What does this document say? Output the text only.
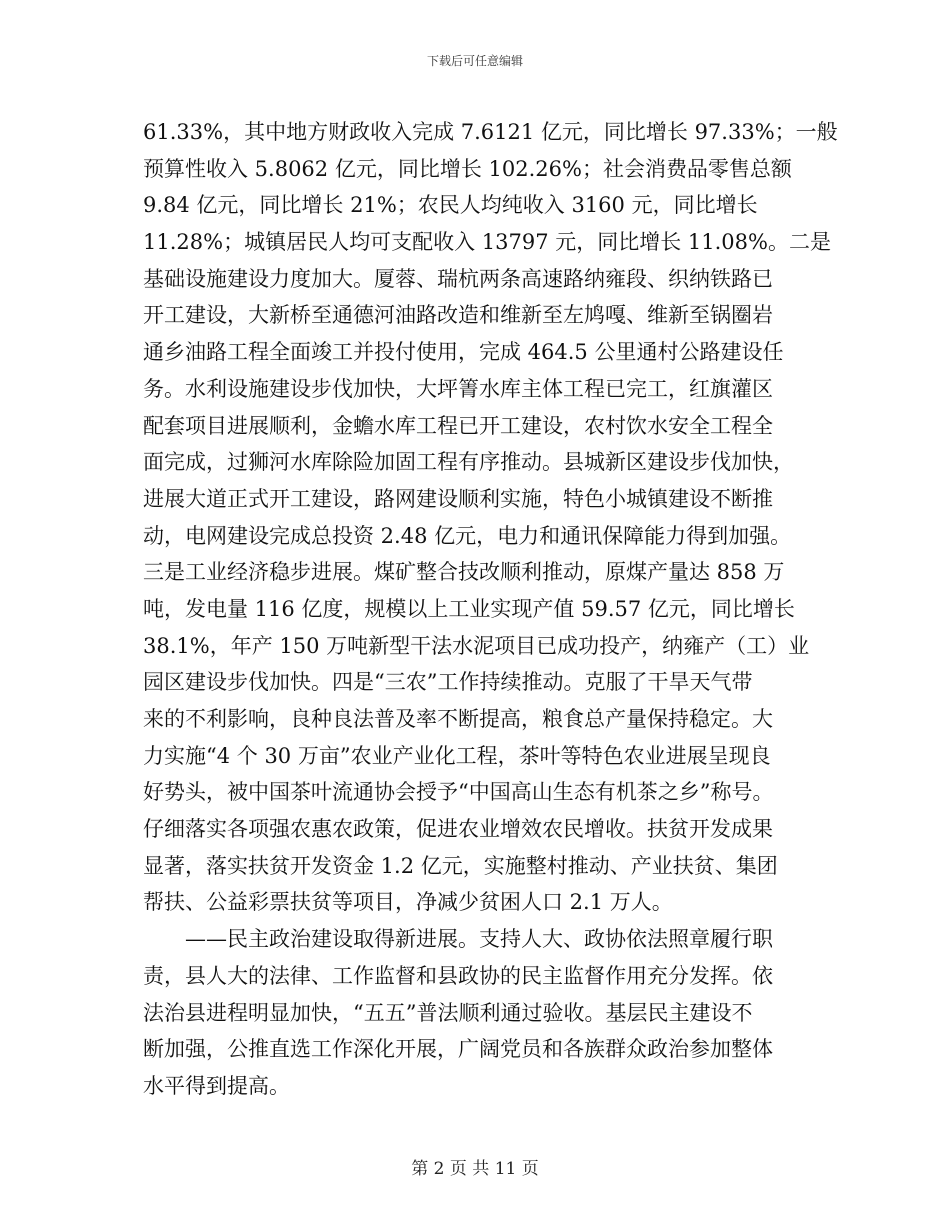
下载后可任意编辑
61.33%，其中地方财政收入完成 7.6121 亿元，同比增长 97.33%；一般
预算性收入 5.8062 亿元，同比增长 102.26%；社会消费品零售总额
9.84 亿元，同比增长 21%；农民人均纯收入 3160 元，同比增长
11.28%；城镇居民人均可支配收入 13797 元，同比增长 11.08%。二是
基础设施建设力度加大。厦蓉、瑞杭两条高速路纳雍段、织纳铁路已
开工建设，大新桥至通德河油路改造和维新至左鸠嘎、维新至锅圈岩
通乡油路工程全面竣工并投付使用，完成 464.5 公里通村公路建设任
务。水利设施建设步伐加快，大坪箐水库主体工程已完工，红旗灌区
配套项目进展顺利，金蟾水库工程已开工建设，农村饮水安全工程全
面完成，过狮河水库除险加固工程有序推动。县城新区建设步伐加快，
进展大道正式开工建设，路网建设顺利实施，特色小城镇建设不断推
动，电网建设完成总投资 2.48 亿元，电力和通讯保障能力得到加强。
三是工业经济稳步进展。煤矿整合技改顺利推动，原煤产量达 858 万
吨，发电量 116 亿度，规模以上工业实现产值 59.57 亿元，同比增长
38.1%，年产 150 万吨新型干法水泥项目已成功投产，纳雍产（工）业
园区建设步伐加快。四是“三农”工作持续推动。克服了干旱天气带
来的不利影响，良种良法普及率不断提高，粮食总产量保持稳定。大
力实施“4 个 30 万亩”农业产业化工程，茶叶等特色农业进展呈现良
好势头，被中国茶叶流通协会授予“中国高山生态有机茶之乡”称号。
仔细落实各项强农惠农政策，促进农业增效农民增收。扶贫开发成果
显著，落实扶贫开发资金 1.2 亿元，实施整村推动、产业扶贫、集团
帮扶、公益彩票扶贫等项目，净减少贫困人口 2.1 万人。
——民主政治建设取得新进展。支持人大、政协依法照章履行职
责，县人大的法律、工作监督和县政协的民主监督作用充分发挥。依
法治县进程明显加快，“五五”普法顺利通过验收。基层民主建设不
断加强，公推直选工作深化开展，广阔党员和各族群众政治参加整体
水平得到提高。
第 2 页 共 11 页
